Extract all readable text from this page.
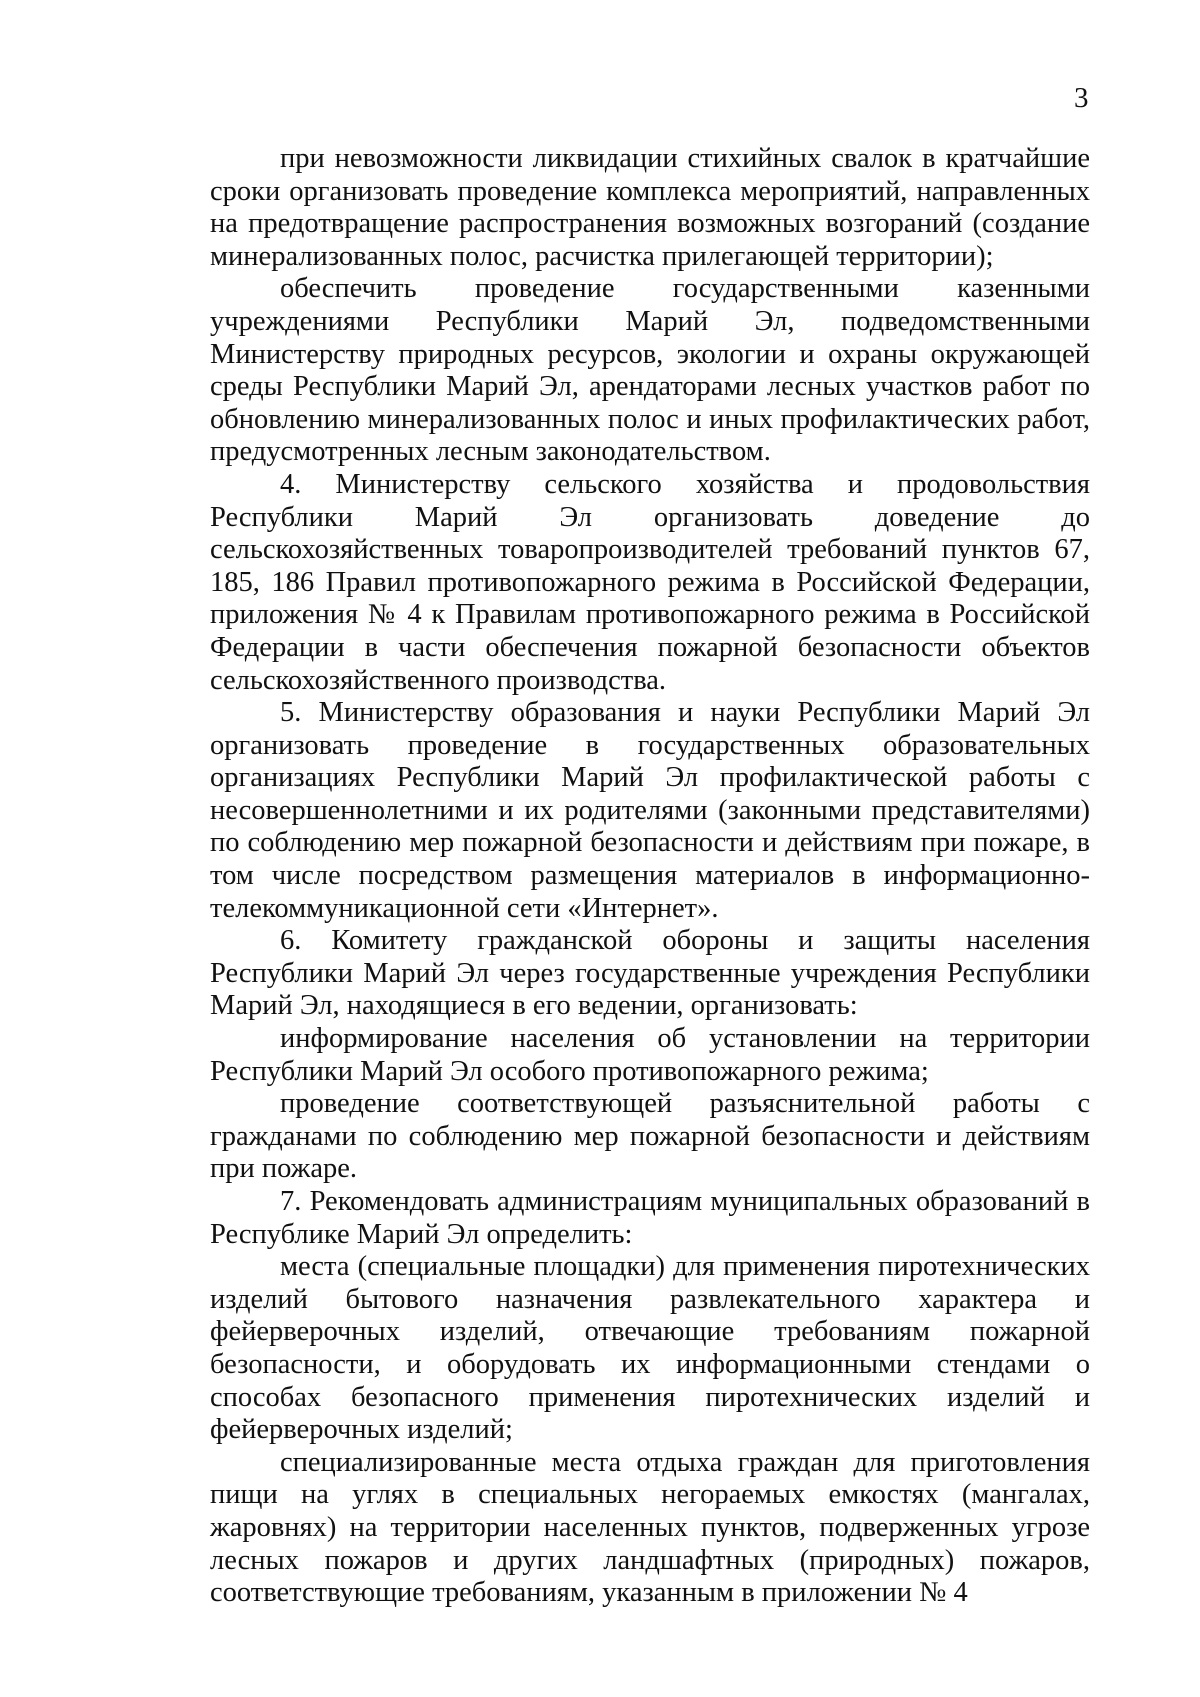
3

при невозможности ликвидации стихийных свалок в кратчайшие сроки организовать проведение комплекса мероприятий, направленных на предотвращение распространения возможных возгораний (создание минерализованных полос, расчистка прилегающей территории);

обеспечить проведение государственными казенными учреждениями Республики Марий Эл, подведомственными Министерству природных ресурсов, экологии и охраны окружающей среды Республики Марий Эл, арендаторами лесных участков работ по обновлению минерализованных полос и иных профилактических работ, предусмотренных лесным законодательством.

4. Министерству сельского хозяйства и продовольствия Республики Марий Эл организовать доведение до сельскохозяйственных товаропроизводителей требований пунктов 67, 185, 186 Правил противопожарного режима в Российской Федерации, приложения № 4 к Правилам противопожарного режима в Российской Федерации в части обеспечения пожарной безопасности объектов сельскохозяйственного производства.

5. Министерству образования и науки Республики Марий Эл организовать проведение в государственных образовательных организациях Республики Марий Эл профилактической работы с несовершеннолетними и их родителями (законными представителями) по соблюдению мер пожарной безопасности и действиям при пожаре, в том числе посредством размещения материалов в информационно-телекоммуникационной сети «Интернет».

6. Комитету гражданской обороны и защиты населения Республики Марий Эл через государственные учреждения Республики Марий Эл, находящиеся в его ведении, организовать:

информирование населения об установлении на территории Республики Марий Эл особого противопожарного режима;

проведение соответствующей разъяснительной работы с гражданами по соблюдению мер пожарной безопасности и действиям при пожаре.

7. Рекомендовать администрациям муниципальных образований в Республике Марий Эл определить:

места (специальные площадки) для применения пиротехнических изделий бытового назначения развлекательного характера и фейерверочных изделий, отвечающие требованиям пожарной безопасности, и оборудовать их информационными стендами о способах безопасного применения пиротехнических изделий и фейерверочных изделий;

специализированные места отдыха граждан для приготовления пищи на углях в специальных негораемых емкостях (мангалах, жаровнях) на территории населенных пунктов, подверженных угрозе лесных пожаров и других ландшафтных (природных) пожаров, соответствующие требованиям, указанным в приложении № 4
